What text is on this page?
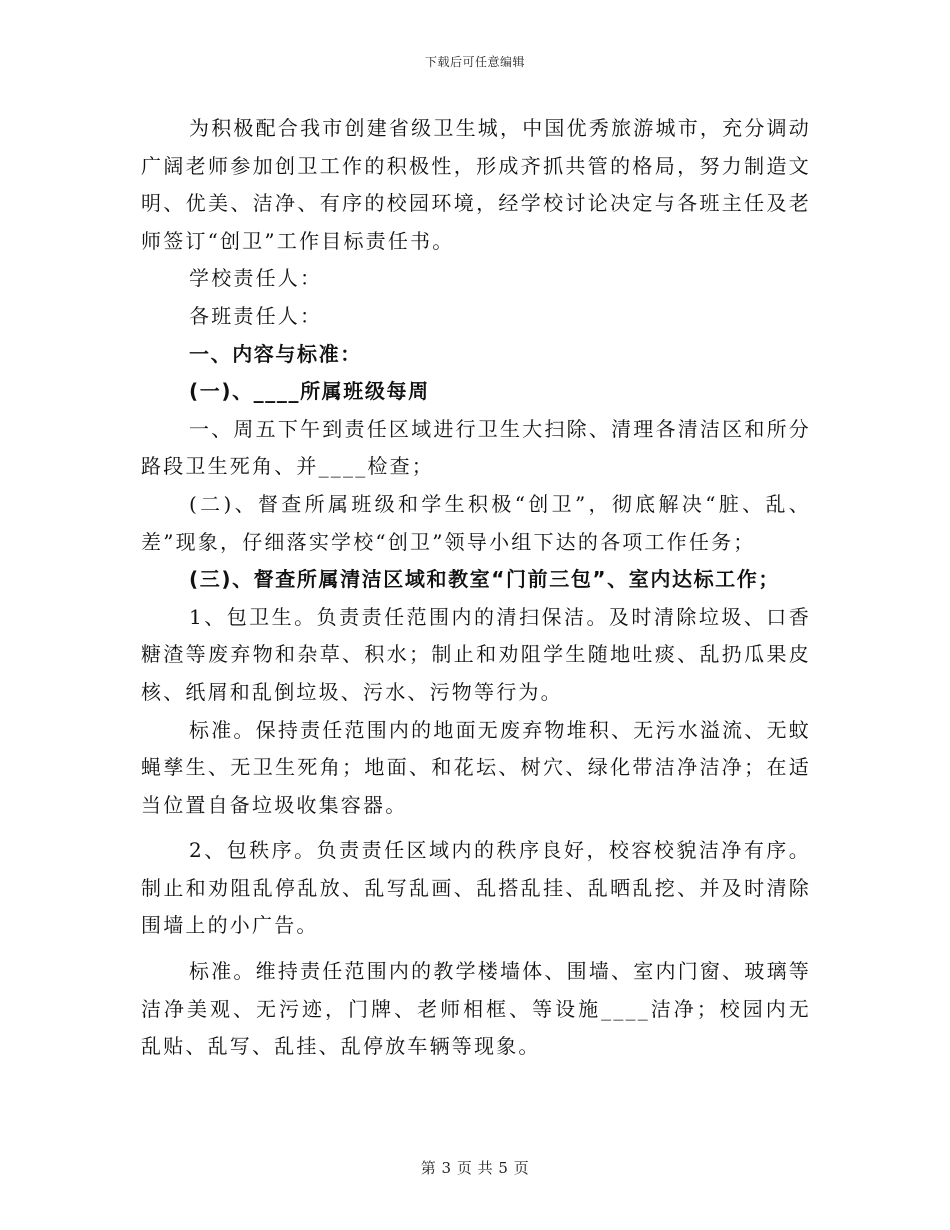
下载后可任意编辑

为积极配合我市创建省级卫生城，中国优秀旅游城市，充分调动广阔老师参加创卫工作的积极性，形成齐抓共管的格局，努力制造文明、优美、洁净、有序的校园环境，经学校讨论决定与各班主任及老师签订“创卫”工作目标责任书。

学校责任人：

各班责任人：

一、内容与标准：

(一)、____所属班级每周

一、周五下午到责任区域进行卫生大扫除、清理各清洁区和所分路段卫生死角、并____检查；

(二)、督查所属班级和学生积极“创卫”，彻底解决“脏、乱、差”现象，仔细落实学校“创卫”领导小组下达的各项工作任务；

(三)、督查所属清洁区域和教室“门前三包”、室内达标工作；

1、包卫生。负责责任范围内的清扫保洁。及时清除垃圾、口香糖渣等废弃物和杂草、积水；制止和劝阻学生随地吐痰、乱扔瓜果皮核、纸屑和乱倒垃圾、污水、污物等行为。

标准。保持责任范围内的地面无废弃物堆积、无污水溢流、无蚊蝇孳生、无卫生死角；地面、和花坛、树穴、绿化带洁净洁净；在适当位置自备垃圾收集容器。

2、包秩序。负责责任区域内的秩序良好，校容校貌洁净有序。制止和劝阻乱停乱放、乱写乱画、乱搭乱挂、乱晒乱挖、并及时清除围墙上的小广告。

标准。维持责任范围内的教学楼墙体、围墙、室内门窗、玻璃等洁净美观、无污迹，门牌、老师相框、等设施____洁净；校园内无乱贴、乱写、乱挂、乱停放车辆等现象。

第 3 页 共 5 页
